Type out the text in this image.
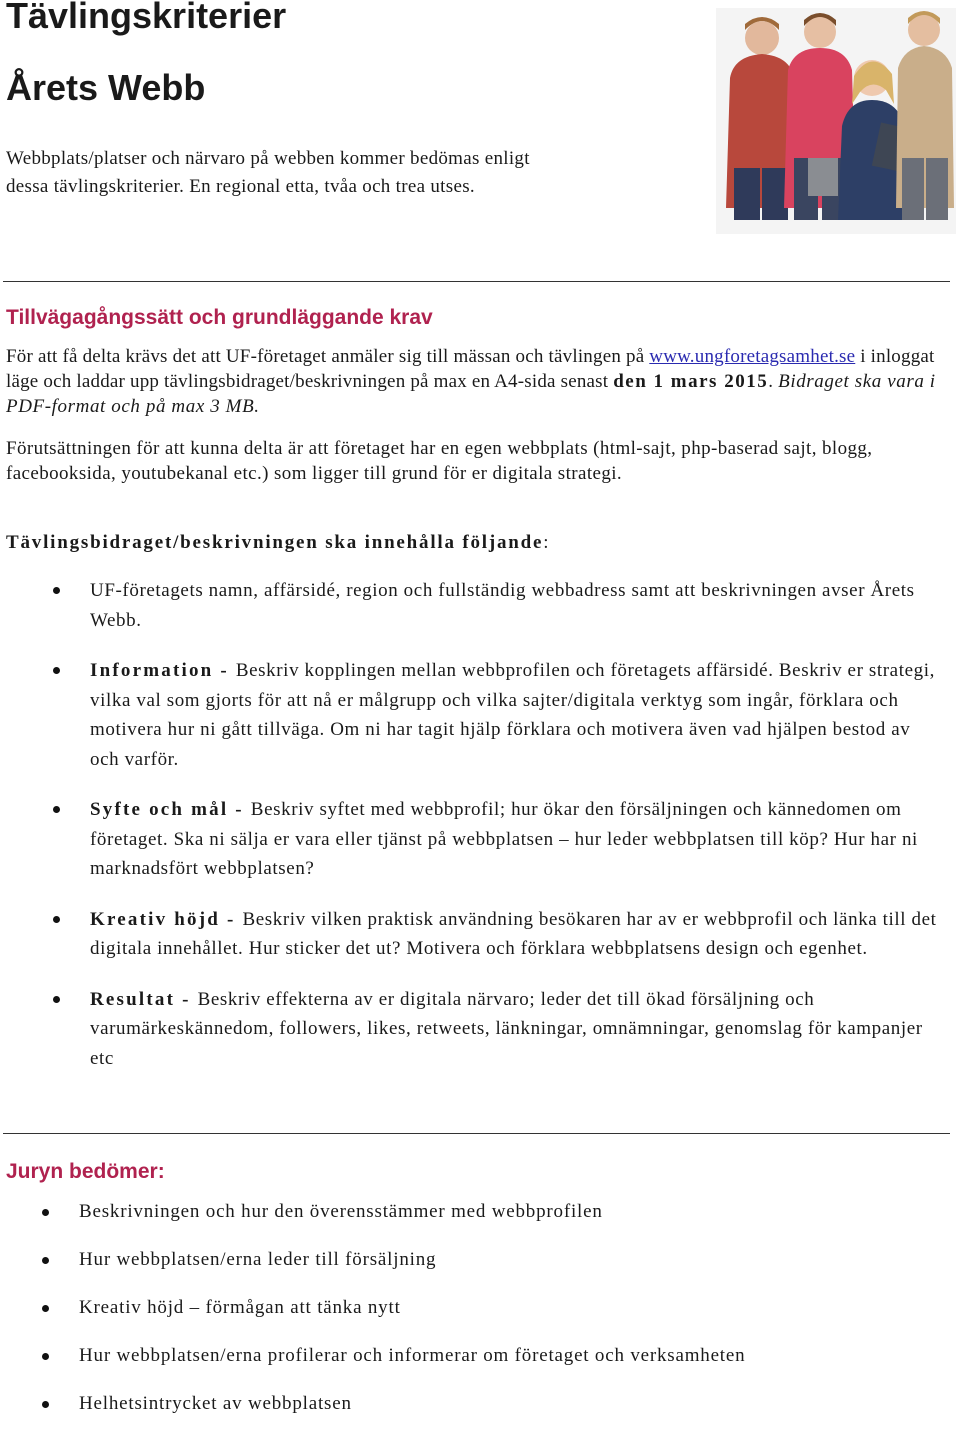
Tävlingskriterier
Årets Webb
Webbplats/platser och närvaro på webben kommer bedömas enligt
dessa tävlingskriterier. En regional etta, tvåa och trea utses.
Tillvägagångssätt och grundläggande krav

För att få delta krävs det att UF-företaget anmäler sig till mässan och tävlingen på www.ungforetagsamhet.se i inloggat läge och laddar upp tävlingsbidraget/beskrivningen på max en A4-sida senast den 1 mars 2015. Bidraget ska vara i PDF-format och på max 3 MB.

Förutsättningen för att kunna delta är att företaget har en egen webbplats (html-sajt, php-baserad sajt, blogg, facebooksida, youtubekanal etc.) som ligger till grund för er digitala strategi.

Tävlingsbidraget/beskrivningen ska innehålla följande:

UF-företagets namn, affärsidé, region och fullständig webbadress samt att beskrivningen avser Årets Webb.
Information - Beskriv kopplingen mellan webbprofilen och företagets affärsidé. Beskriv er strategi, vilka val som gjorts för att nå er målgrupp och vilka sajter/digitala verktyg som ingår, förklara och motivera hur ni gått tillväga. Om ni har tagit hjälp förklara och motivera även vad hjälpen bestod av och varför.
Syfte och mål - Beskriv syftet med webbprofil; hur ökar den försäljningen och kännedomen om företaget. Ska ni sälja er vara eller tjänst på webbplatsen – hur leder webbplatsen till köp? Hur har ni marknadsfört webbplatsen?
Kreativ höjd - Beskriv vilken praktisk användning besökaren har av er webbprofil och länka till det digitala innehållet. Hur sticker det ut? Motivera och förklara webbplatsens design och egenhet.
Resultat - Beskriv effekterna av er digitala närvaro; leder det till ökad försäljning och varumärkeskännedom, followers, likes, retweets, länkningar, omnämningar, genomslag för kampanjer etc
Juryn bedömer:
Beskrivningen och hur den överensstämmer med webbprofilen
Hur webbplatsen/erna leder till försäljning
Kreativ höjd – förmågan att tänka nytt
Hur webbplatsen/erna profilerar och informerar om företaget och verksamheten
Helhetsintrycket av webbplatsen
